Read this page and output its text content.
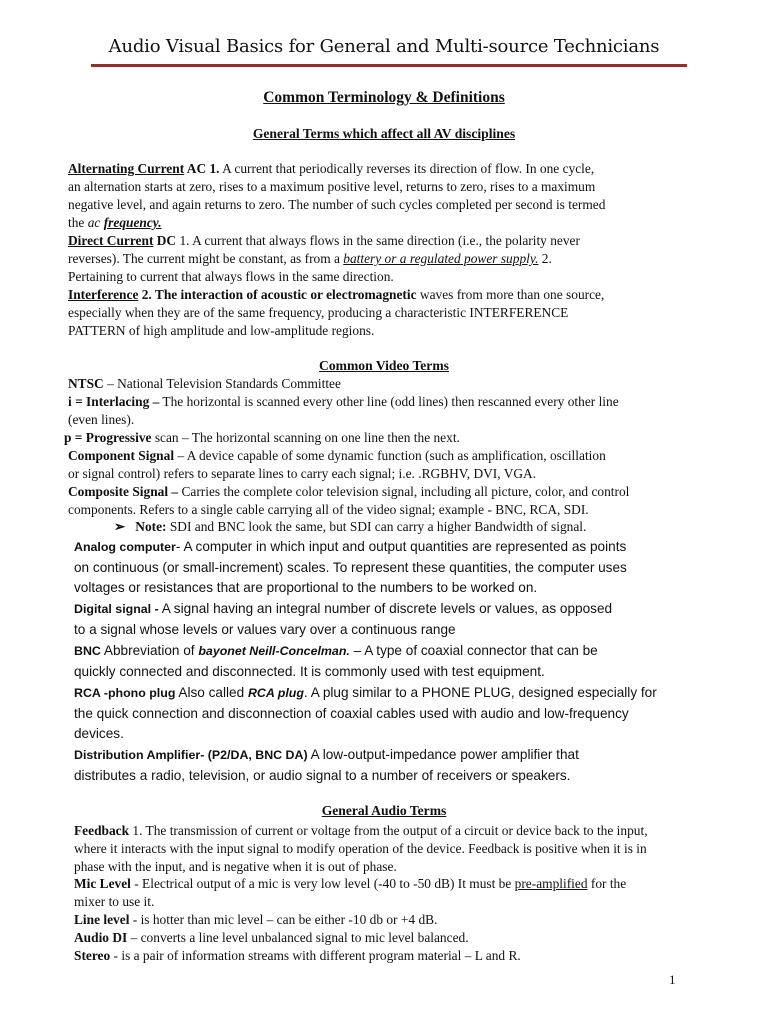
Audio Visual Basics for General and Multi-source Technicians
Common Terminology & Definitions
General Terms which affect all AV disciplines
Alternating Current AC 1. A current that periodically reverses its direction of flow. In one cycle,
an alternation starts at zero, rises to a maximum positive level, returns to zero, rises to a maximum
negative level, and again returns to zero. The number of such cycles completed per second is termed
the ac frequency.
Direct Current DC 1. A current that always flows in the same direction (i.e., the polarity never
reverses). The current might be constant, as from a battery or a regulated power supply. 2.
Pertaining to current that always flows in the same direction.
Interference 2. The interaction of acoustic or electromagnetic waves from more than one source,
especially when they are of the same frequency, producing a characteristic INTERFERENCE
PATTERN of high amplitude and low-amplitude regions.
Common Video Terms
NTSC – National Television Standards Committee
i = Interlacing – The horizontal is scanned every other line (odd lines) then rescanned every other line
(even lines).
p = Progressive scan – The horizontal scanning on one line then the next.
Component Signal – A device capable of some dynamic function (such as amplification, oscillation
or signal control) refers to separate lines to carry each signal; i.e. .RGBHV, DVI, VGA.
Composite Signal – Carries the complete color television signal, including all picture, color, and control
components. Refers to a single cable carrying all of the video signal; example - BNC, RCA, SDI.
➢ Note: SDI and BNC look the same, but SDI can carry a higher Bandwidth of signal.
Analog computer- A computer in which input and output quantities are represented as points
on continuous (or small-increment) scales. To represent these quantities, the computer uses
voltages or resistances that are proportional to the numbers to be worked on.
Digital signal - A signal having an integral number of discrete levels or values, as opposed
to a signal whose levels or values vary over a continuous range
BNC Abbreviation of bayonet Neill-Concelman. – A type of coaxial connector that can be
quickly connected and disconnected. It is commonly used with test equipment.
RCA -phono plug Also called RCA plug. A plug similar to a PHONE PLUG, designed especially for
the quick connection and disconnection of coaxial cables used with audio and low-frequency
devices.
Distribution Amplifier- (P2/DA, BNC DA) A low-output-impedance power amplifier that
distributes a radio, television, or audio signal to a number of receivers or speakers.
General Audio Terms
Feedback 1. The transmission of current or voltage from the output of a circuit or device back to the input,
where it interacts with the input signal to modify operation of the device. Feedback is positive when it is in
phase with the input, and is negative when it is out of phase.
Mic Level - Electrical output of a mic is very low level (-40 to -50 dB) It must be pre-amplified for the
mixer to use it.
Line level - is hotter than mic level – can be either -10 db or +4 dB.
Audio DI – converts a line level unbalanced signal to mic level balanced.
Stereo - is a pair of information streams with different program material – L and R.
1
